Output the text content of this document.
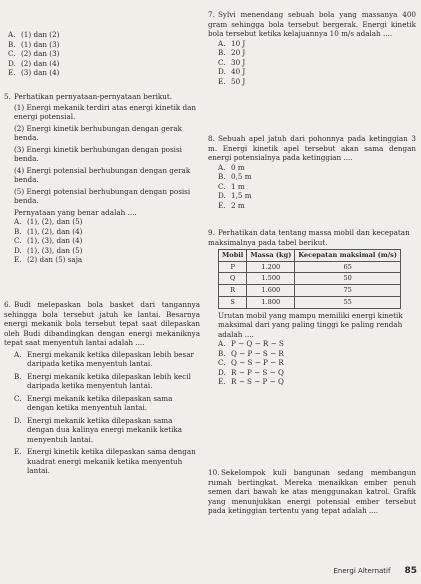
A. (1) dan (2)
B. (1) dan (3)
C. (2) dan (3)
D. (2) dan (4)
E. (3) dan (4)

5. Perhatikan pernyataan-pernyataan berikut.

(1) Energi mekanik terdiri atas energi kinetik dan energi potensial.

(2) Energi kinetik berhubungan dengan gerak benda.

(3) Energi kinetik berhubungan dengan posisi benda.

(4) Energi potensial berhubungan dengan gerak benda.

(5) Energi potensial berhubungan dengan posisi benda.

Pernyataan yang benar adalah ....

A. (1), (2), dan (5)
B. (1), (2), dan (4)
C. (1), (3), dan (4)
D. (1), (3), dan (5)
E. (2) dan (5) saja

6. Budi melepaskan bola basket dari tangannya sehingga bola tersebut jatuh ke lantai. Besarnya energi mekanik bola tersebut tepat saat dilepaskan oleh Budi dibandingkan dengan energi mekaniknya tepat saat menyentuh lantai adalah ....

A. Energi mekanik ketika dilepaskan lebih besar daripada ketika menyentuh lantai.
B. Energi mekanik ketika dilepaskan lebih kecil daripada ketika menyentuh lantai.
C. Energi mekanik ketika dilepaskan sama dengan ketika menyentuh lantai.
D. Energi mekanik ketika dilepaskan sama dengan dua kalinya energi mekanik ketika menyentuh lantai.
E. Energi kinetik ketika dilepaskan sama dengan kuadrat energi mekanik ketika menyentuh lantai.

7. Sylvi menendang sebuah bola yang massanya 400 gram sehingga bola tersebut bergerak. Energi kinetik bola tersebut ketika kelajuannya 10 m/s adalah ....

A. 10 J
B. 20 J
C. 30 J
D. 40 J
E. 50 J

8. Sebuah apel jatuh dari pohonnya pada ketinggian 3 m. Energi kinetik apel tersebut akan sama dengan energi potensialnya pada ketinggian ....

A. 0 m
B. 0,5 m
C. 1 m
D. 1,5 m
E. 2 m

9. Perhatikan data tentang massa mobil dan kecepatan maksimalnya pada tabel berikut.

Mobil	Massa (kg)	Kecepatan maksimal (m/s)
P	1.200	65
Q	1.500	50
R	1.600	75
S	1.800	55

Urutan mobil yang mampu memiliki energi kinetik maksimal dari yang paling tinggi ke paling rendah adalah ....

A. P − Q − R − S
B. Q − P − S − R
C. Q − S − P − R
D. R − P − S − Q
E. R − S − P − Q

10. Sekelompok kuli bangunan sedang membangun rumah bertingkat. Mereka menaikkan ember penuh semen dari bawah ke atas menggunakan katrol. Grafik yang menunjukkan energi potensial ember tersebut pada ketinggian tertentu yang tepat adalah ....

Energi Alternatif 85
